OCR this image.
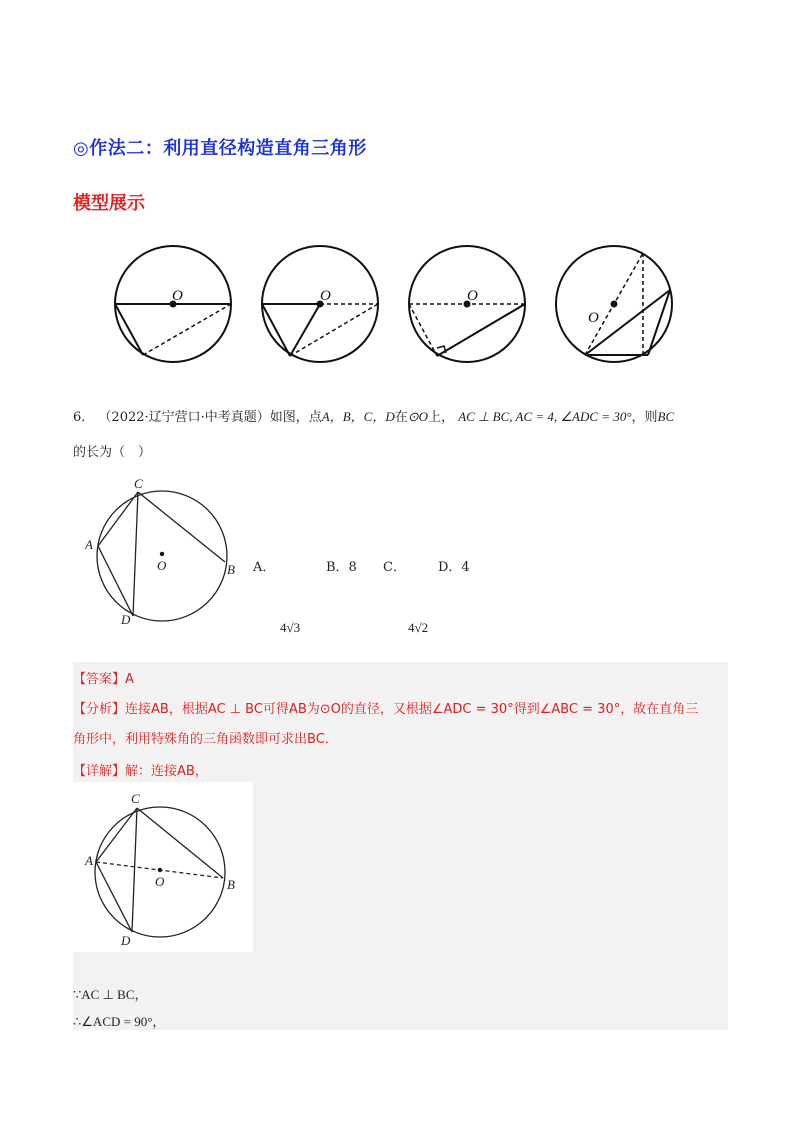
◎作法二：利用直径构造直角三角形
模型展示
O	O	O
O
6． （2022·辽宁营口·中考真题）如图，点A，B，C，D在⊙O上， AC ⊥ BC, AC = 4, ∠ADC = 30°，则BC
的长为（　）
C
A
O	B
D
A．	B．8 C． D．4
4√3	4√2
【答案】A
【分析】连接AB，根据AC ⊥ BC可得AB为⊙O的直径，又根据∠ADC = 30°得到∠ABC = 30°，故在直角三
角形中，利用特殊角的三角函数即可求出BC．
【详解】解：连接AB，
C
A
O	B
D
∵AC ⊥ BC，
∴∠ACD = 90°，
